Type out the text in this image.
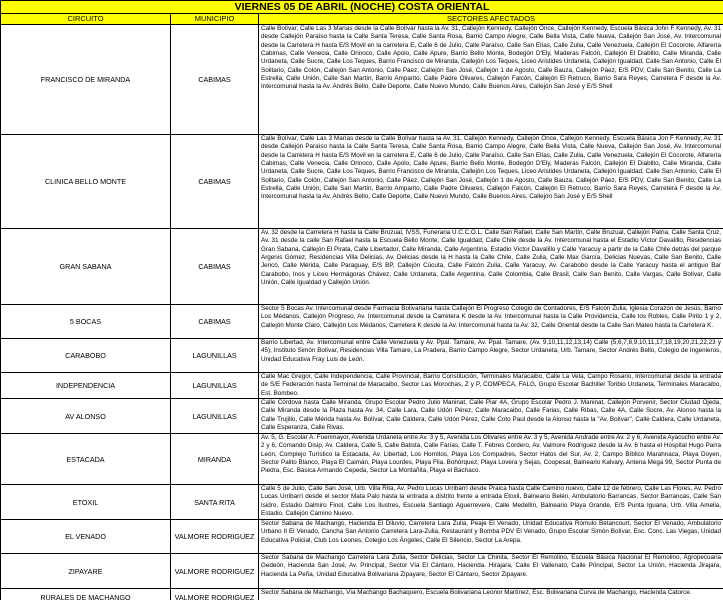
VIERNES 05 DE ABRIL (NOCHE) COSTA ORIENTAL		
CIRCUITO	MUNICIPIO	SECTORES AFECTADOS
FRANCISCO DE MIRANDA	CABIMAS	Calle Bolívar, Calle Las 3 Marías desde la Calle Bolívar hasta la Av. 31, Callejón Kennedy, Callejón Once, Callejón Kennedy, Escuela Básica John F Kennedy, Av. 31 desde Callejón Paraíso hasta la Calle Santa Teresa, Calle Santa Rosa, Barrio Campo Alegre, Calle Bella Vista, Calle Nueva, Callejón San José, Av. Intercomunal desde la Carretera H hasta E/S Movil en la carretera E, Calle 6 de Julio, Calle Paraíso, Calle San Elías, Calle Zulia, Calle Venezuela, Callejón El Cocorote, Alfarería Cabimas, Calle Venecia, Calle Orinoco, Calle Apolo, Calle Apure, Barrio Bello Monte, Bodegón D'Ely, Maderas Falcón, Callejón El Diablito, Calle Miranda, Calle Urdaneta, Calle Sucre, Calle Los Teques, Barrio Francisco de Miranda, Callejón Los Teques, Liceo Aristides Urdaneta, Callejón Igualdad, Calle San Antonio, Calle El Solitario, Calle Colón, Callejón San Antonio, Calle Páez, Callejón San José, Callejón 1 de Agosto, Calle Bauza, Callejón Páez, E/S PDV, Calle San Benito, Calle La Estrella, Calle Unión, Calle San Martín, Barrio Amparito, Calle Padre Olivares, Callejón Falcón, Callejón El Retruco, Barrio Sara Reyes, Carretera F desde la Av. Intercomunal hasta la Av. Andrés Bello, Calle Deporte, Calle Nuevo Mundo, Calle Buenos Aires, Callejón San José y E/S Shell
CLINICA BELLO MONTE	CABIMAS	Calle Bolívar, Calle Las 3 Marías desde la Calle Bolívar hasta la Av. 31, Callejón Kennedy, Callejón Once, Callejón Kennedy, Escuela Básica Jon F Kennedy, Av. 31 desde Callejón Paraíso hasta la Calle Santa Teresa, Calle Santa Rosa, Barrio Campo Alegre, Calle Bella Vista, Calle Nueva, Callejón San José, Av. Intercomunal desde la Carretera H hasta E/S Movil en la carretera E, Calle 6 de Julio, Calle Paraíso, Calle San Elías, Calle Zulia, Calle Venezuela, Callejón El Cocorote, Alfarería Cabimas, Calle Venecia, Calle Orinoco, Calle Apolo, Calle Apure, Barrio Bello Monte, Bodegón D'Ely, Maderas Falcón, Callejón El Diablito, Calle Miranda, Calle Urdaneta, Calle Sucre, Calle Los Teques, Barrio Francisco de Miranda, Callejón Los Teques, Liceo Aristides Urdaneta, Callejón Igualdad, Calle San Antonio, Calle El Solitario, Calle Colón, Callejón San Antonio, Calle Páez, Callejón San José, Callejón 1 de Agosto, Calle Bauza, Callejón Páez, E/S PDV, Calle San Benito, Calle La Estrella, Calle Unión, Calle San Martín, Barrio Amparito, Calle Padre Olivares, Callejón Falcón, Callejón El Retruco, Barrio Sara Reyes, Carretera F desde la Av. Intercomunal hasta la Av. Andrés Bello, Calle Deporte, Calle Nuevo Mundo, Calle Buenos Aires, Callejón San José y E/S Shell
GRAN SABANA	CABIMAS	Av. 32 desde la Carretera H hasta la Calle Bruzual, IVSS, Funeraria U.C.C.O.L, Calle San Rafael, Calle San Martín, Calle Bruzual, Callejón Patria, Calle Santa Cruz, Av. 31 desde la calle San Rafael hasta la Escuela Bello Monte, Calle Igualdad, Calle Chile desde la Av. Intercomunal hasta el Estadio Víctor Davalillo, Residencias Gran Sabana, Callejón El Pirata, Calle Libertador, Calle Miranda, Calle Argentina, Estadio Víctor Davalillo y Calle Yaracuy a partir de la Calle Chile detrás del parque Argenis Gómez, Residencias Villa Delicias, Av. Delicias desde la H hasta la Calle Chile, Calle Zulia, Calle Max García, Delicias Nuevas, Calle San Benito, Calle Jericó, Calle Mérida, Calle Paraguay, E/S BP, Callejón Cúcuta, Calle Falcón Zulia, Calle Yaracuy, Av. Carabobo desde la Calle Yaracuy hasta el antiguo Bar Carabobo, Inos y Liceo Hermágoras Chávez, Calle Urdaneta, Calle Argentina, Calle Colombia, Calle Brasil, Calle San Benito, Calle Vargas, Calle Bolívar, Calle Unión, Calle Igualdad y Callejón Unión.
5 BOCAS	CABIMAS	Sector 5 Bocas Av. Intercomunal desde Farmacia Bolivariana hasta Callejón El Progreso Colegio de Contadores, E/S Falcón Zulia, Iglesia Corazón de Jesús, Barrio Los Médanos, Callejón Progreso, Av. Intercomunal desde la Carretera K desde la Av. Intercomunal hasta la Calle Providencia, Calle los Robles, Calle Pirito 1 y 2, Callejón Monte Claro, Callejón Los Médanos, Carretera K desde la Av. Intercomunal hasta la Av. 32, Calle Oriental desde la Calle San Mateo hasta la Carretera K.
CARABOBO	LAGUNILLAS	Barrio Libertad, Av. Intercomunal entre Calle Venezuela y Av. Ppal. Tamare, Av. Ppal. Tamare, (Av. 9,10,11,12,13,14) Calle (5,6,7,8,9,10,11,17,18,19,20,21,22,23 y 45), Instituto Simón Bolívar, Residencias Villa Tamare, La Pradera, Barrio Campo Alegre, Sector Urdaneta, Urb. Tamare, Sector Andrés Bello, Colegio de Ingenieros, Unidad Educativa Fray Luis de León.
INDEPENDENCIA	LAGUNILLAS	Calle Mac Gregor, Calle Independencia, Calle Provincial, Barrio Constitución, Terminales Maracaibo, Calle La Vela, Campo Rosario, Intercomunal desde la entrada de S/E Federación hasta Terminal de Maracaibo, Sector Las Morochas, Z y P, COMPECA, FALG, Grupo Escolar Bachiller Toribio Urdaneta, Terminales Maracaibo, Est. Bombeo.
AV ALONSO	LAGUNILLAS	Calle Córdova hasta Calle Miranda, Grupo Escolar Pedro Julio Maninat, Calle Piar 4A, Grupo Escolar Pedro J. Maninat, Callejón Porvenir, Sector Ciudad Ojeda, Calle Miranda desde la Plaza hasta Av. 34, Calle Lara, Calle Udón Pérez, Calle Maracaibo, Calle Farias, Calle Ribas, Calle 4A, Calle Sucre, Av. Alonso hasta la Calle Trujillo, Calle Mérida hasta Av. Bolívar, Calle Caldera, Calle Udón Pérez, Calle Coto Paul desde la Alonso hasta la "Av. Bolívar", Calle Caldera, Calle Urdaneta, Calle Esperanza, Calle Rivas.
ESTACADA	MIRANDA	Av. 5, G. Escolar A. Fuenmayor, Avenida Urdaneta entre Av. 3 y 5, Avenida Los Olivares entre Av. 3 y 5, Avenida Andrade entre Av. 2 y 6, Avenida Ayacucho entre Av. 2 y 6, Comando Disip, Av. Caldera, Calle 5, Calle Batista, Calle Farías, Calle T. Febres Cordero, Av. Valmore Rodríguez desde la Av. 6 hasta el Hospital Hugo Parra León, Complejo Turístico la Estacada, Av. Libertad, Los Hornitos, Playa Los Compadres, Sector Hatos del Sur, Av. 2, Campo Bíblico Marahnaca, Playa Doyen, Sector Palito Blanco, Playa El Caimán, Playa Lourdes, Playa Flia. Bohórquez, Playa Lovera y Sejas, Coopesal, Balneario Kalvary, Antena Mega 99, Sector Punta de Piedra, Esc. Básica Armando Cepeda, Sector La Montañita, Playa el Bachaco.
ETOXIL	SANTA RITA	Calle 5 de Julio, Calle San José, Urb. Villa Rita, Av. Pedro Lucas Urribarrí desde Praica hasta Calle Camino nuevo, Calle 12 de febrero, Calle Las Flores, Av. Pedro Lucas Urribarrí desde el sector Mata Palo hasta la entrada a distrito frente a entrada Etoxil, Balneario Belén, Ambulatorio Barrancas, Sector Barrancas, Calle San Isidro, Estadio Dalmiro Finol, Calle Los Ilustres, Escuela Santiago Aguerrevere, Calle Medellín, Balneario Playa Grande, E/S Punta Iguana, Urb. Villa Amelia, Estadio, Callejón Camino Nuevo.
EL VENADO	VALMORE RODRIGUEZ	Sector Sabana de Machango, Hacienda El Diluvio, Carretera Lara Zulia, Peaje El Venado, Unidad Educativa Rómulo Betancourt, Sector El Venado, Ambulatorio Urbano II El Venado, Cancha San Antonio Carretera Lara-Zulia, Restaurant y Bomba PDV El Venado, Grupo Escolar Simón Bolívar, Esc. Conc. Las Viegas, Unidad Educativa Policial, Club Los Leones, Colegio Los Ángeles, Calle El Silencio, Sector La Arepa.
ZIPAYARE	VALMORE RODRIGUEZ	Sector Sabana de Machango Carretera Lara Zulia, Sector Delicias, Sector La Chinita, Sector El Remolino, Escuela Básica Nacional El Remolino, Agropecuaria Gedeón, Hacienda San José, Av. Principal, Sector Vía El Cántaro, Hacienda. Hirajara, Calle El Vallenato, Calle Principal, Sector La Unión, Hacienda Jirajara, Hacienda La Peña, Unidad Educativa Bolivariana Zipayare, Sector El Cántaro, Sector Zipayare.
RURALES DE MACHANGO	VALMORE RODRIGUEZ	Sector Sabana de Machango, Vía Machango Bachaquero, Escuela Bolivariana Leonor Martínez, Esc. Bolivariana Curva de Machango, Hacienda Catorce.
